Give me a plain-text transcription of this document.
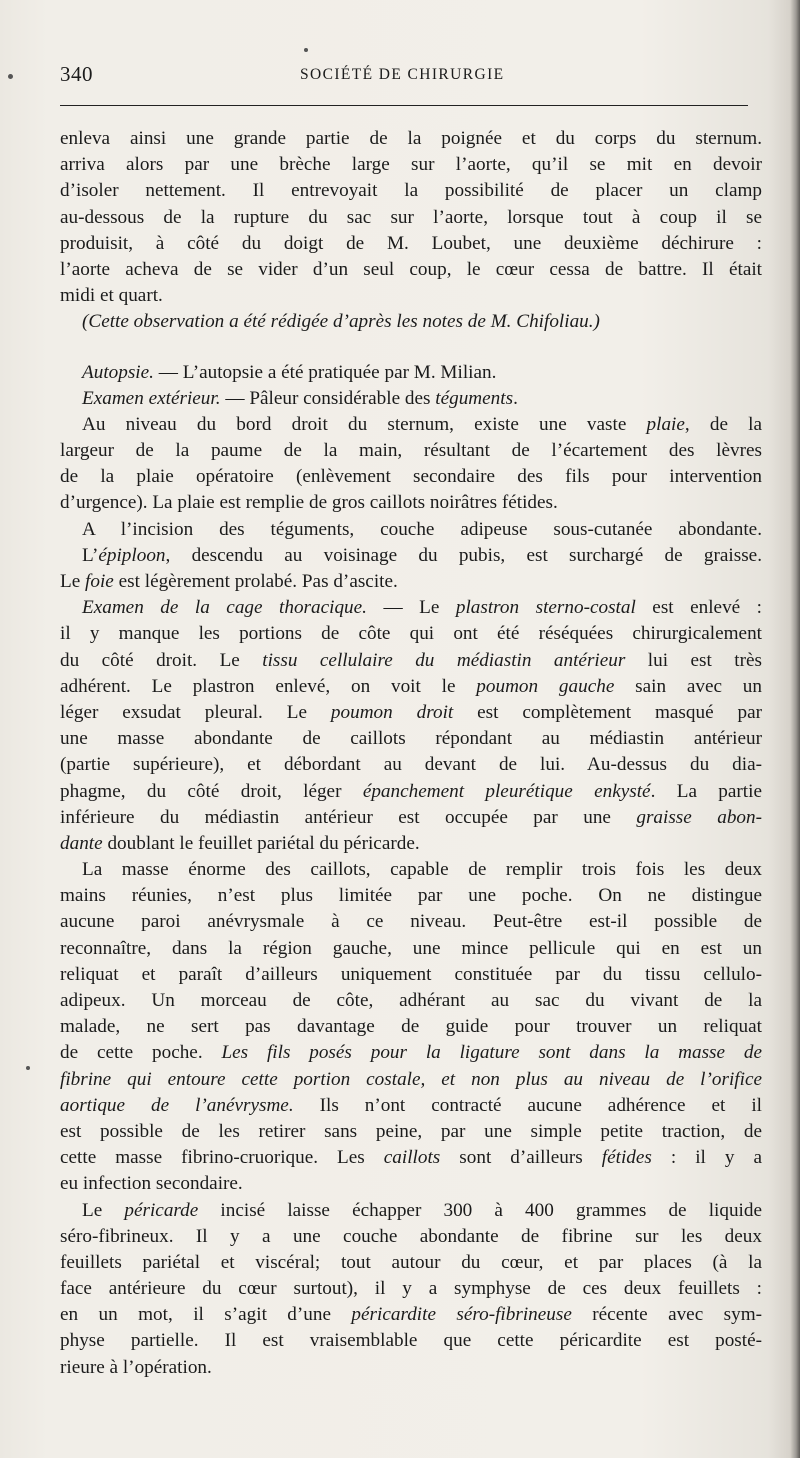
340	SOCIÉTÉ DE CHIRURGIE
enleva ainsi une grande partie de la poignée et du corps du sternum.
arriva alors par une brèche large sur l’aorte, qu’il se mit en devoir
d’isoler nettement. Il entrevoyait la possibilité de placer un clamp
au-dessous de la rupture du sac sur l’aorte, lorsque tout à coup il se
produisit, à côté du doigt de M. Loubet, une deuxième déchirure :
l’aorte acheva de se vider d’un seul coup, le cœur cessa de battre. Il était
midi et quart.
(Cette observation a été rédigée d’après les notes de M. Chifoliau.)
Autopsie. — L’autopsie a été pratiquée par M. Milian.
Examen extérieur. — Pâleur considérable des téguments.
Au niveau du bord droit du sternum, existe une vaste plaie, de la
largeur de la paume de la main, résultant de l’écartement des lèvres
de la plaie opératoire (enlèvement secondaire des fils pour intervention
d’urgence). La plaie est remplie de gros caillots noirâtres fétides.
A l’incision des téguments, couche adipeuse sous-cutanée abondante.
L’épiploon, descendu au voisinage du pubis, est surchargé de graisse.
Le foie est légèrement prolabé. Pas d’ascite.
Examen de la cage thoracique. — Le plastron sterno-costal est enlevé :
il y manque les portions de côte qui ont été réséquées chirurgicalement
du côté droit. Le tissu cellulaire du médiastin antérieur lui est très
adhérent. Le plastron enlevé, on voit le poumon gauche sain avec un
léger exsudat pleural. Le poumon droit est complètement masqué par
une masse abondante de caillots répondant au médiastin antérieur
(partie supérieure), et débordant au devant de lui. Au-dessus du dia-
phagme, du côté droit, léger épanchement pleurétique enkysté. La partie
inférieure du médiastin antérieur est occupée par une graisse abon-
dante doublant le feuillet pariétal du péricarde.
La masse énorme des caillots, capable de remplir trois fois les deux
mains réunies, n’est plus limitée par une poche. On ne distingue
aucune paroi anévrysmale à ce niveau. Peut-être est-il possible de
reconnaître, dans la région gauche, une mince pellicule qui en est un
reliquat et paraît d’ailleurs uniquement constituée par du tissu cellulo-
adipeux. Un morceau de côte, adhérant au sac du vivant de la
malade, ne sert pas davantage de guide pour trouver un reliquat
de cette poche. Les fils posés pour la ligature sont dans la masse de
fibrine qui entoure cette portion costale, et non plus au niveau de l’orifice
aortique de l’anévrysme. Ils n’ont contracté aucune adhérence et il
est possible de les retirer sans peine, par une simple petite traction, de
cette masse fibrino-cruorique. Les caillots sont d’ailleurs fétides : il y a
eu infection secondaire.
Le péricarde incisé laisse échapper 300 à 400 grammes de liquide
séro-fibrineux. Il y a une couche abondante de fibrine sur les deux
feuillets pariétal et viscéral; tout autour du cœur, et par places (à la
face antérieure du cœur surtout), il y a symphyse de ces deux feuillets :
en un mot, il s’agit d’une péricardite séro-fibrineuse récente avec sym-
physe partielle. Il est vraisemblable que cette péricardite est posté-
rieure à l’opération.
